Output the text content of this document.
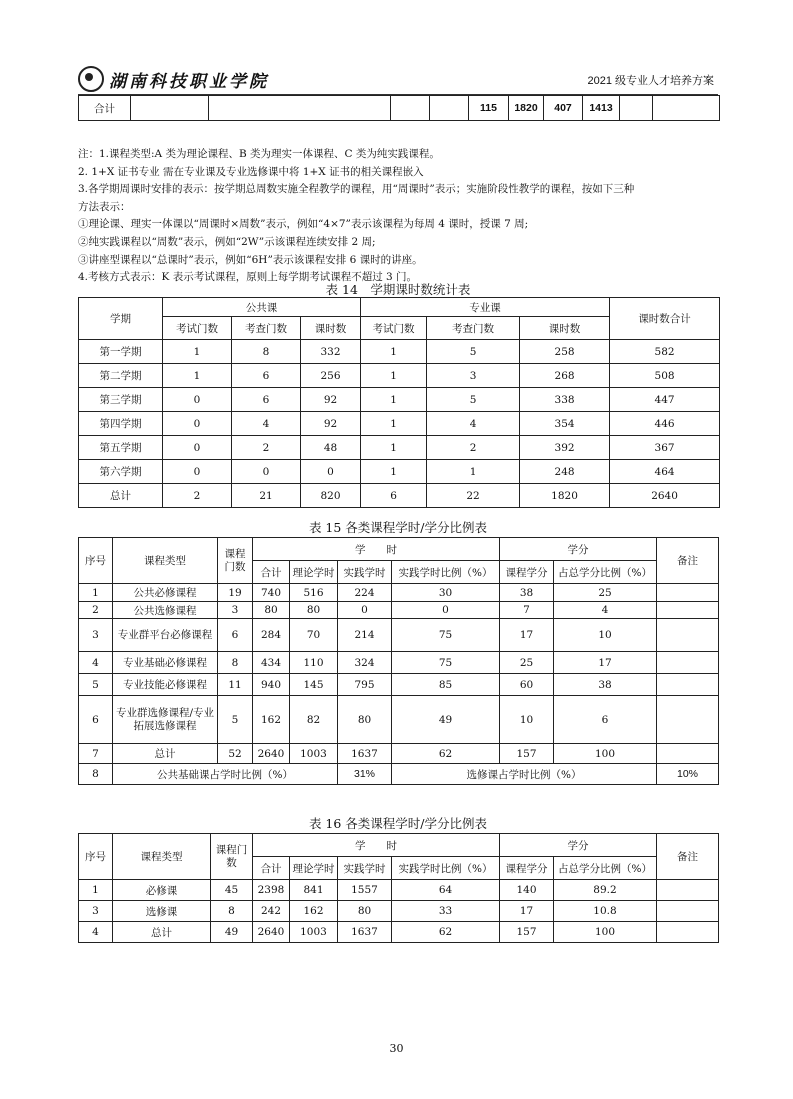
湖南科技职业学院	2021 级专业人才培养方案
合计					115	1820	407	1413		
注：1.课程类型:A 类为理论课程、B 类为理实一体课程、C 类为纯实践课程。
2. 1+X 证书专业 需在专业课及专业选修课中将 1+X 证书的相关课程嵌入
3.各学期周课时安排的表示：按学期总周数实施全程教学的课程，用“周课时”表示；实施阶段性教学的课程，按如下三种
方法表示：
①理论课、理实一体课以“周课时×周数”表示，例如“4×7”表示该课程为每周 4 课时，授课 7 周;
②纯实践课程以“周数”表示，例如“2W”示该课程连续安排 2 周;
③讲座型课程以“总课时”表示，例如“6H”表示该课程安排 6 课时的讲座。
4.考核方式表示：K 表示考试课程，原则上每学期考试课程不超过 3 门。
表 14　学期课时数统计表
学期	公共课			专业课			课时数合计
	考试门数	考查门数	课时数	考试门数	考查门数	课时数	
第一学期	1	8	332	1	5	258	582
第二学期	1	6	256	1	3	268	508
第三学期	0	6	92	1	5	338	447
第四学期	0	4	92	1	4	354	446
第五学期	0	2	48	1	2	392	367
第六学期	0	0	0	1	1	248	464
总计	2	21	820	6	22	1820	2640
表 15 各类课程学时/学分比例表
序号	课程类型	课程门数	学　　时				学分		备注
			合计	理论学时	实践学时	实践学时比例（%）	课程学分	占总学分比例（%）	
1	公共必修课程	19	740	516	224	30	38	25	
2	公共选修课程	3	80	80	0	0	7	4	
3	专业群平台必修课程	6	284	70	214	75	17	10	
4	专业基础必修课程	8	434	110	324	75	25	17	
5	专业技能必修课程	11	940	145	795	85	60	38	
6	专业群选修课程/专业拓展选修课程	5	162	82	80	49	10	6	
7	总计	52	2640	1003	1637	62	157	100	
8	公共基础课占学时比例（%）				31%	选修课占学时比例（%）			10%
表 16 各类课程学时/学分比例表
序号	课程类型	课程门数	学　　时				学分		备注
			合计	理论学时	实践学时	实践学时比例（%）	课程学分	占总学分比例（%）	
1	必修课	45	2398	841	1557	64	140	89.2	
3	选修课	8	242	162	80	33	17	10.8	
4	总计	49	2640	1003	1637	62	157	100	
30
